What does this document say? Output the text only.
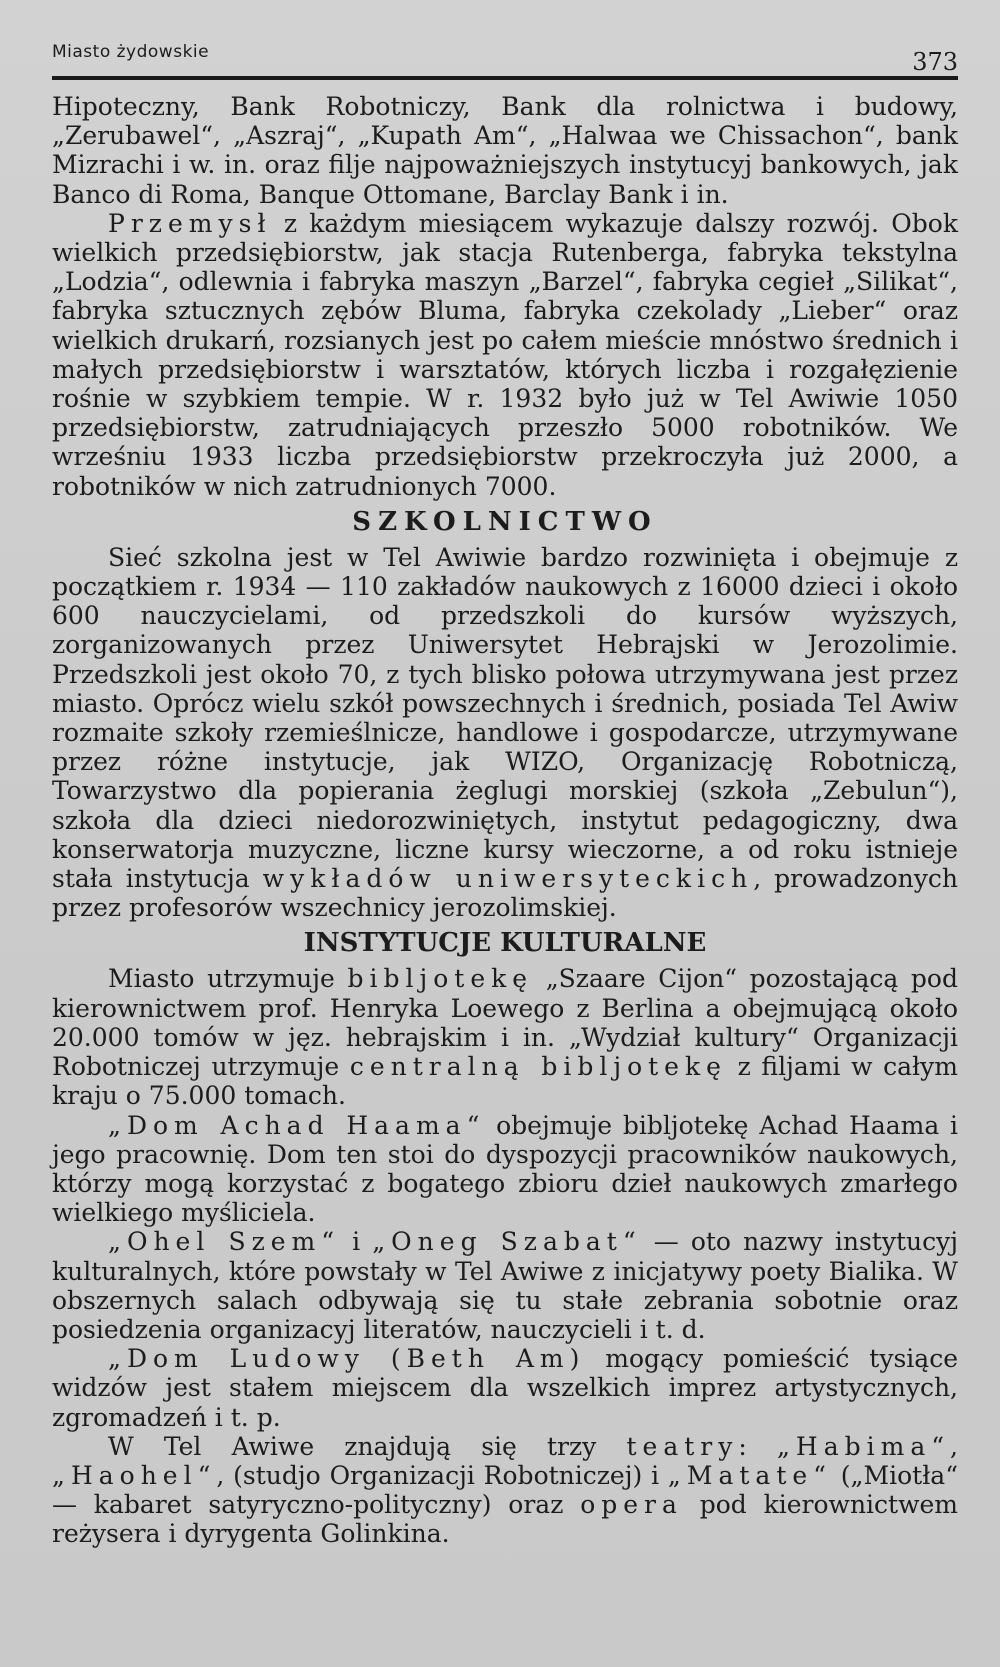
Miasto żydowskie	373

Hipoteczny, Bank Robotniczy, Bank dla rolnictwa i budowy, „Zerubawel“, „Aszraj“, „Kupath Am“, „Halwaa we Chissachon“, bank Mizrachi i w. in. oraz filje najpoważniejszych instytucyj bankowych, jak Banco di Roma, Banque Ottomane, Barclay Bank i in.

Przemysł z każdym miesiącem wykazuje dalszy rozwój. Obok wielkich przedsiębiorstw, jak stacja Rutenberga, fabryka tekstylna „Lodzia“, odlewnia i fabryka maszyn „Barzel“, fabryka cegieł „Silikat“, fabryka sztucznych zębów Bluma, fabryka czekolady „Lieber“ oraz wielkich drukarń, rozsianych jest po całem mieście mnóstwo średnich i małych przedsiębiorstw i warsztatów, których liczba i rozgałęzienie rośnie w szybkiem tempie. W r. 1932 było już w Tel Awiwie 1050 przedsiębiorstw, zatrudniających przeszło 5000 robotników. We wrześniu 1933 liczba przedsiębiorstw przekroczyła już 2000, a robotników w nich zatrudnionych 7000.

SZKOLNICTWO

Sieć szkolna jest w Tel Awiwie bardzo rozwinięta i obejmuje z początkiem r. 1934 — 110 zakładów naukowych z 16000 dzieci i około 600 nauczycielami, od przedszkoli do kursów wyższych, zorganizowanych przez Uniwersytet Hebrajski w Jerozolimie. Przedszkoli jest około 70, z tych blisko połowa utrzymywana jest przez miasto. Oprócz wielu szkół powszechnych i średnich, posiada Tel Awiw rozmaite szkoły rzemieślnicze, handlowe i gospodarcze, utrzymywane przez różne instytucje, jak WIZO, Organizację Robotniczą, Towarzystwo dla popierania żeglugi morskiej (szkoła „Zebulun“), szkoła dla dzieci niedorozwiniętych, instytut pedagogiczny, dwa konserwatorja muzyczne, liczne kursy wieczorne, a od roku istnieje stała instytucja wykładów uniwersyteckich, prowadzonych przez profesorów wszechnicy jerozolimskiej.

INSTYTUCJE KULTURALNE

Miasto utrzymuje bibljotekę „Szaare Cijon“ pozostającą pod kierownictwem prof. Henryka Loewego z Berlina a obejmującą około 20.000 tomów w jęz. hebrajskim i in. „Wydział kultury“ Organizacji Robotniczej utrzymuje centralną bibljotekę z filjami w całym kraju o 75.000 tomach.

„Dom Achad Haama“ obejmuje bibljotekę Achad Haama i jego pracownię. Dom ten stoi do dyspozycji pracowników naukowych, którzy mogą korzystać z bogatego zbioru dzieł naukowych zmarłego wielkiego myśliciela.

„Ohel Szem“ i „Oneg Szabat“ — oto nazwy instytucyj kulturalnych, które powstały w Tel Awiwe z inicjatywy poety Bialika. W obszernych salach odbywają się tu stałe zebrania sobotnie oraz posiedzenia organizacyj literatów, nauczycieli i t. d.

„Dom Ludowy (Beth Am) mogący pomieścić tysiące widzów jest stałem miejscem dla wszelkich imprez artystycznych, zgromadzeń i t. p.

W Tel Awiwe znajdują się trzy teatry: „Habima“, „Haohel“, (studjo Organizacji Robotniczej) i „Matate“ („Miotła“ — kabaret satyryczno-polityczny) oraz opera pod kierownictwem reżysera i dyrygenta Golinkina.
